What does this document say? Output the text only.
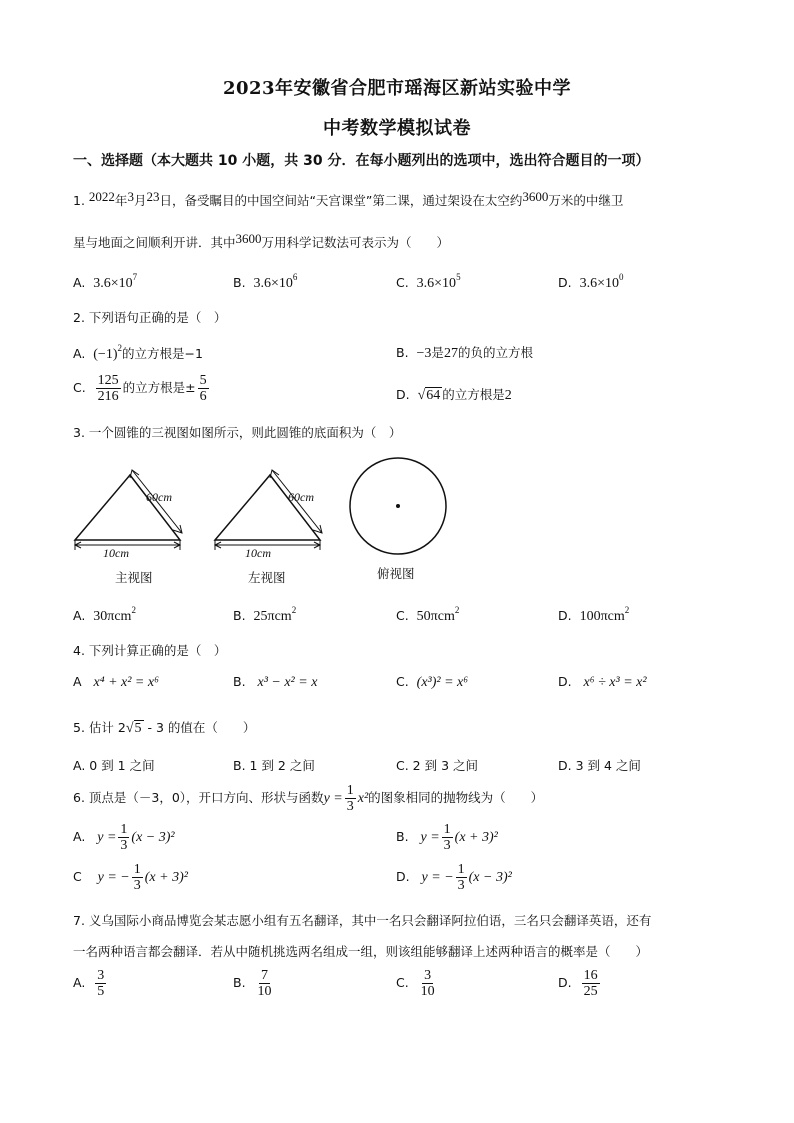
2023年安徽省合肥市瑶海区新站实验中学
中考数学模拟试卷
一、选择题（本大题共 10 小题，共 30 分．在每小题列出的选项中，选出符合题目的一项）
1. 2022年3月23日，备受瞩目的中国空间站“天宫课堂”第二课，通过架设在太空约3600万米的中继卫
星与地面之间顺利开讲．其中3600万用科学记数法可表示为（　　）
A. $3.6\times 10^7$	B. $3.6\times 10^6$	C. $3.6\times 10^5$	D. $3.6\times 10^0$
2. 下列语句正确的是（　）
A. $(-1)^2$的立方根是−1	B. −3是27的负的立方根
C. $\frac{125}{216}$ 的立方根是± $\frac{5}{6}$	D. √64 的立方根是2
3. 一个圆锥的三视图如图所示，则此圆锥的底面积为（　）
60cm
10cm
主视图
60cm
10cm
左视图	俯视图
A. 30πcm$^2$	B. 25πcm$^2$	C. 50πcm$^2$	D. 100πcm$^2$
4. 下列计算正确的是（　）
A x⁴ + x² = x⁶	B. x³ − x² = x	C. (x³)² = x⁶	D. x⁶ ÷ x³ = x²
5. 估计 2√5 - 3 的值在（　　）
A. 0 到 1 之间	B. 1 到 2 之间	C. 2 到 3 之间	D. 3 到 4 之间
6. 顶点是（－3，0），开口方向、形状与函数$y = \frac{1}{3} x^2$的图象相同的抛物线为（　　）
A. $y = \frac{1}{3} (x - 3)^2$	B. $y = \frac{1}{3} (x + 3)^2$
C y = − $\frac{1}{3} (x + 3)^2$	D. y = − $\frac{1}{3} (x - 3)^2$
7. 义乌国际小商品博览会某志愿小组有五名翻译，其中一名只会翻译阿拉伯语，三名只会翻译英语，还有
一名两种语言都会翻译．若从中随机挑选两名组成一组，则该组能够翻译上述两种语言的概率是（　　）
A. $\frac{3}{5}$	B. $\frac{7}{10}$	C. $\frac{3}{10}$	D. $\frac{16}{25}$
